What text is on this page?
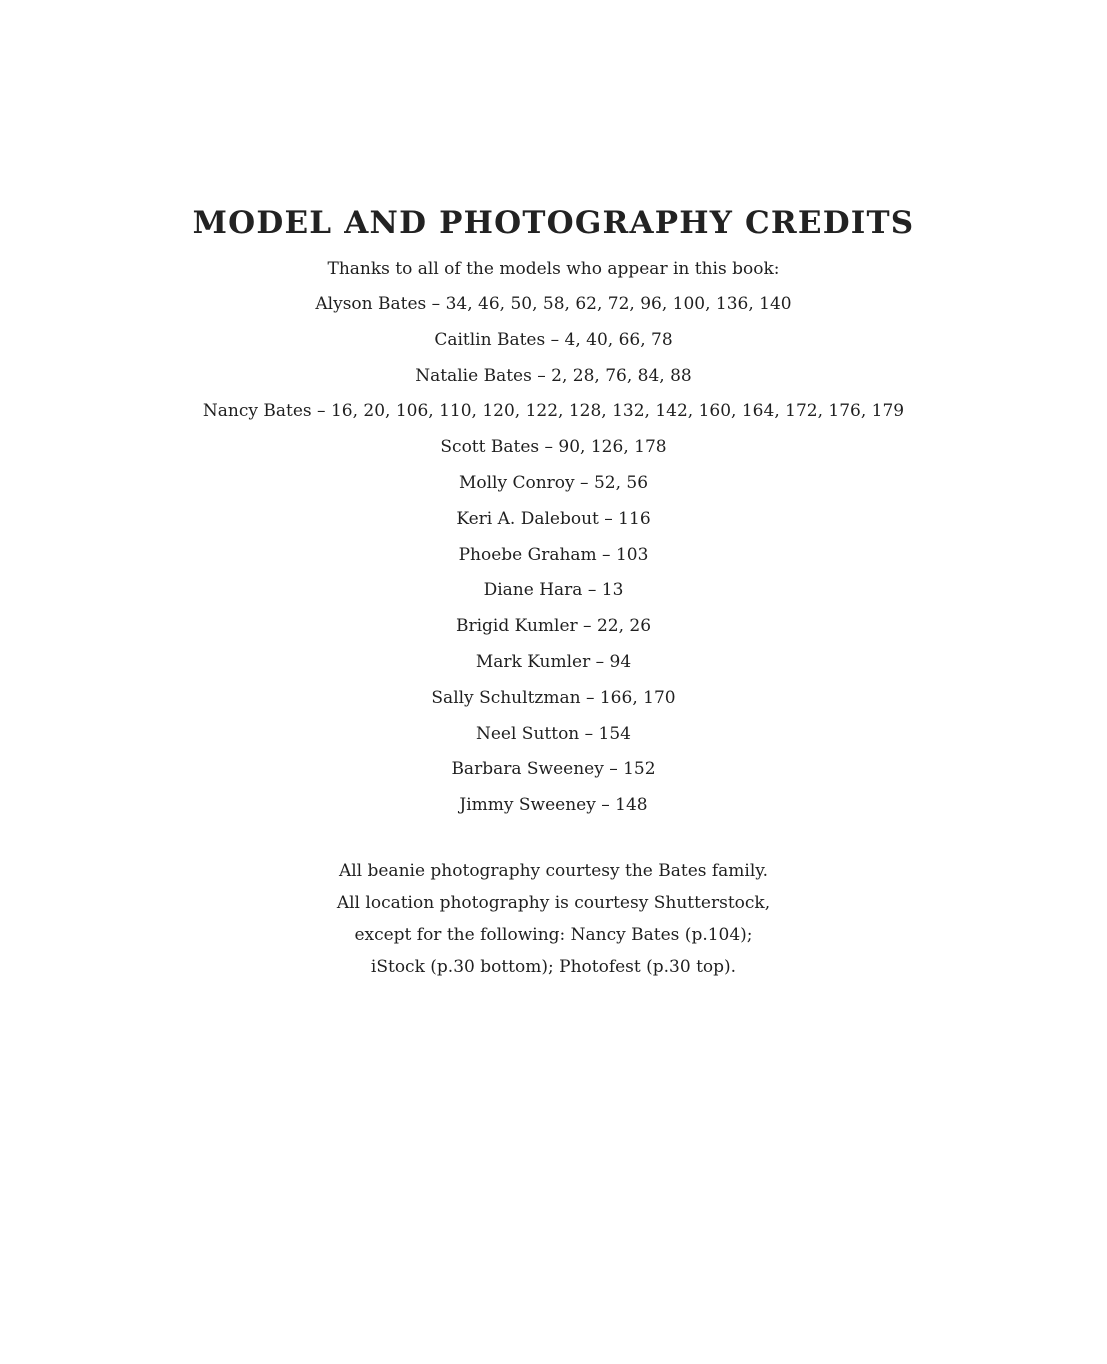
MODEL AND PHOTOGRAPHY CREDITS

Thanks to all of the models who appear in this book:

Alyson Bates – 34, 46, 50, 58, 62, 72, 96, 100, 136, 140
Caitlin Bates – 4, 40, 66, 78
Natalie Bates – 2, 28, 76, 84, 88
Nancy Bates – 16, 20, 106, 110, 120, 122, 128, 132, 142, 160, 164, 172, 176, 179
Scott Bates – 90, 126, 178
Molly Conroy – 52, 56
Keri A. Dalebout – 116
Phoebe Graham – 103
Diane Hara – 13
Brigid Kumler – 22, 26
Mark Kumler – 94
Sally Schultzman – 166, 170
Neel Sutton – 154
Barbara Sweeney – 152
Jimmy Sweeney – 148

All beanie photography courtesy the Bates family.
All location photography is courtesy Shutterstock,
except for the following: Nancy Bates (p.104);
iStock (p.30 bottom); Photofest (p.30 top).
